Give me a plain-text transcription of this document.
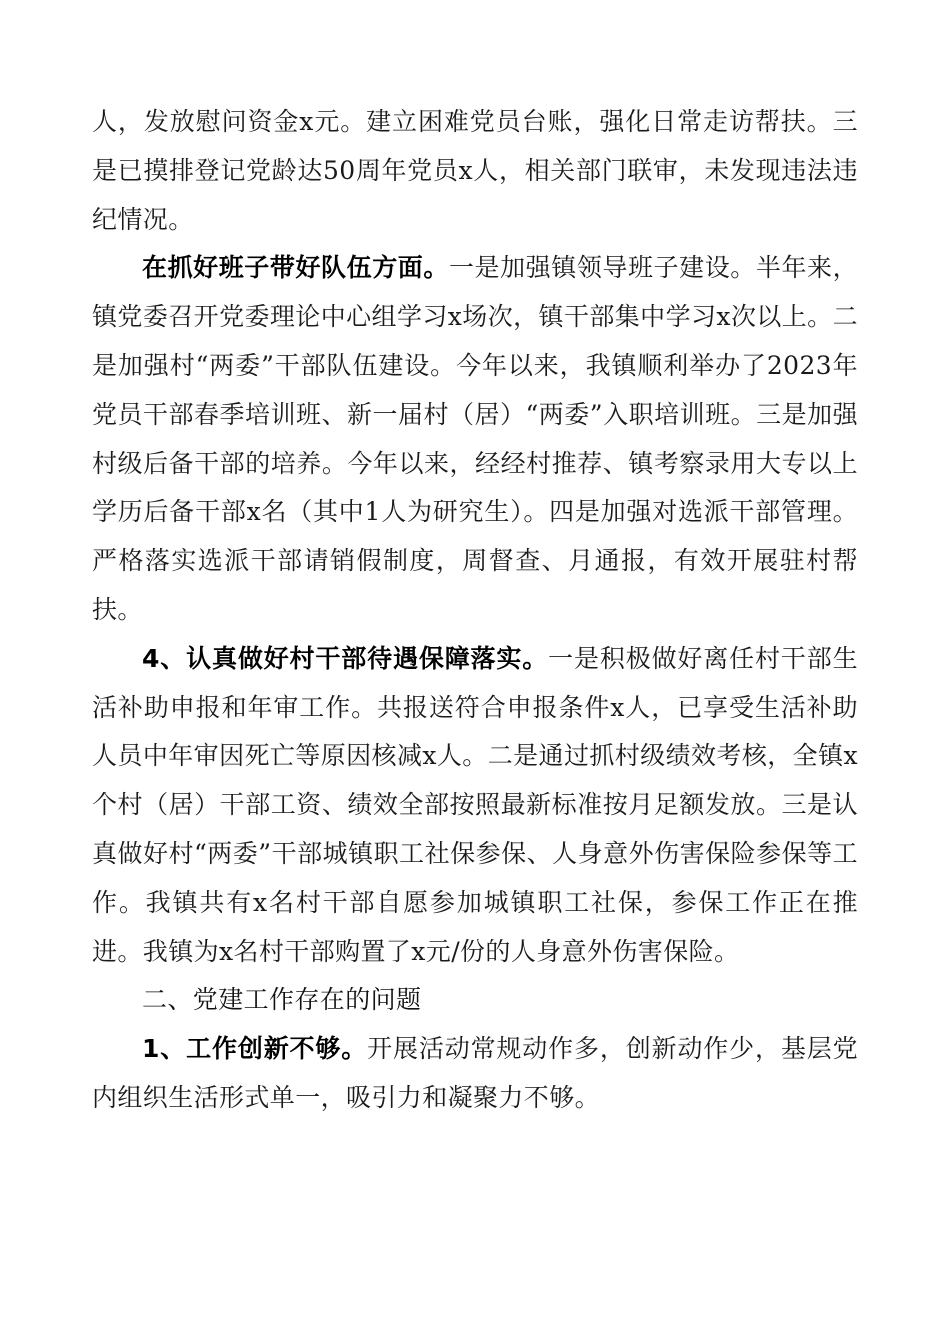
人，发放慰问资金x元。建立困难党员台账，强化日常走访帮扶。三是已摸排登记党龄达50周年党员x人，相关部门联审，未发现违法违纪情况。

在抓好班子带好队伍方面。一是加强镇领导班子建设。半年来，镇党委召开党委理论中心组学习x场次，镇干部集中学习x次以上。二是加强村“两委”干部队伍建设。今年以来，我镇顺利举办了2023年党员干部春季培训班、新一届村（居）“两委”入职培训班。三是加强村级后备干部的培养。今年以来，经经村推荐、镇考察录用大专以上学历后备干部x名（其中1人为研究生）。四是加强对选派干部管理。严格落实选派干部请销假制度，周督查、月通报，有效开展驻村帮扶。

4、认真做好村干部待遇保障落实。一是积极做好离任村干部生活补助申报和年审工作。共报送符合申报条件x人，已享受生活补助人员中年审因死亡等原因核减x人。二是通过抓村级绩效考核，全镇x个村（居）干部工资、绩效全部按照最新标准按月足额发放。三是认真做好村“两委”干部城镇职工社保参保、人身意外伤害保险参保等工作。我镇共有x名村干部自愿参加城镇职工社保，参保工作正在推进。我镇为x名村干部购置了x元/份的人身意外伤害保险。

二、党建工作存在的问题

1、工作创新不够。开展活动常规动作多，创新动作少，基层党内组织生活形式单一，吸引力和凝聚力不够。
